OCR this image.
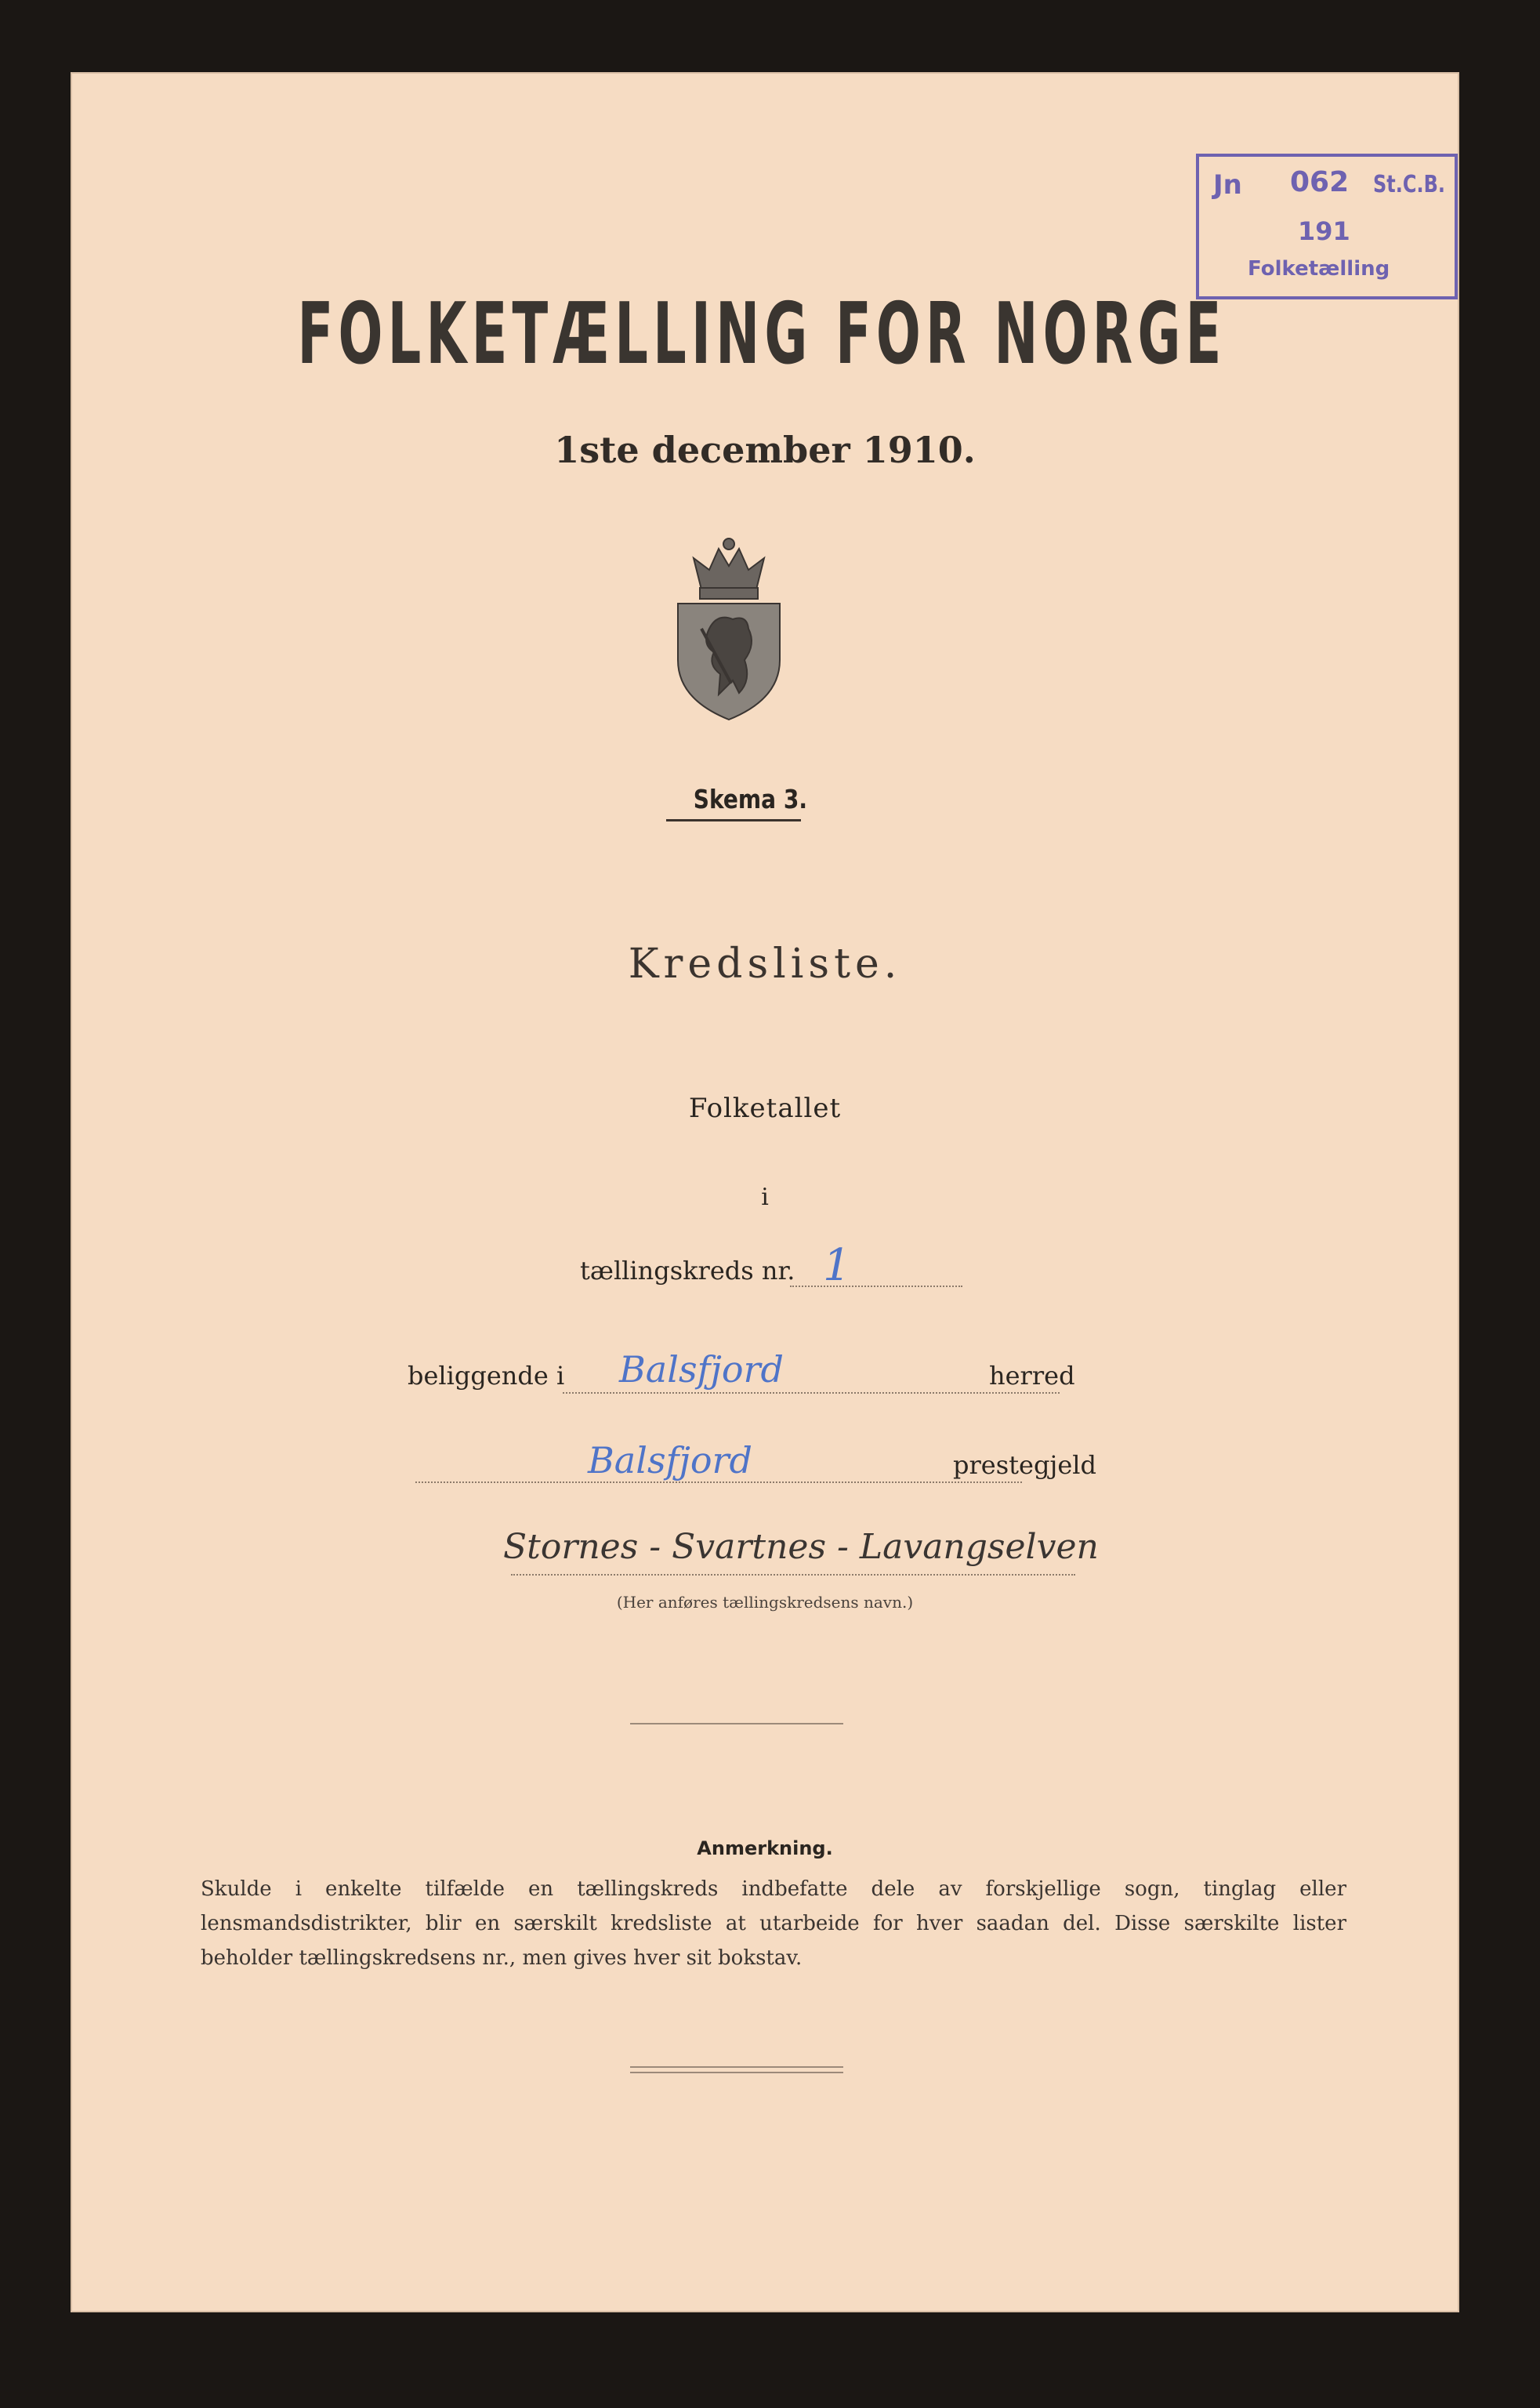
Jn 062 St.C.B.
191
Folketælling
FOLKETÆLLING FOR NORGE
1ste december 1910.
Skema 3.
Kredsliste.
Folketallet
i
tællingskreds nr. 1
beliggende i Balsfjord	herred
Balsfjord	prestegjeld
Stornes - Svartnes - Lavangselven
(Her anføres tællingskredsens navn.)
Anmerkning.
Skulde i enkelte tilfælde en tællingskreds indbefatte dele av forskjellige sogn, tinglag eller lensmandsdistrikter, blir en særskilt kredsliste at utarbeide for hver saadan del. Disse særskilte lister beholder tællingskredsens nr., men gives hver sit bokstav.
